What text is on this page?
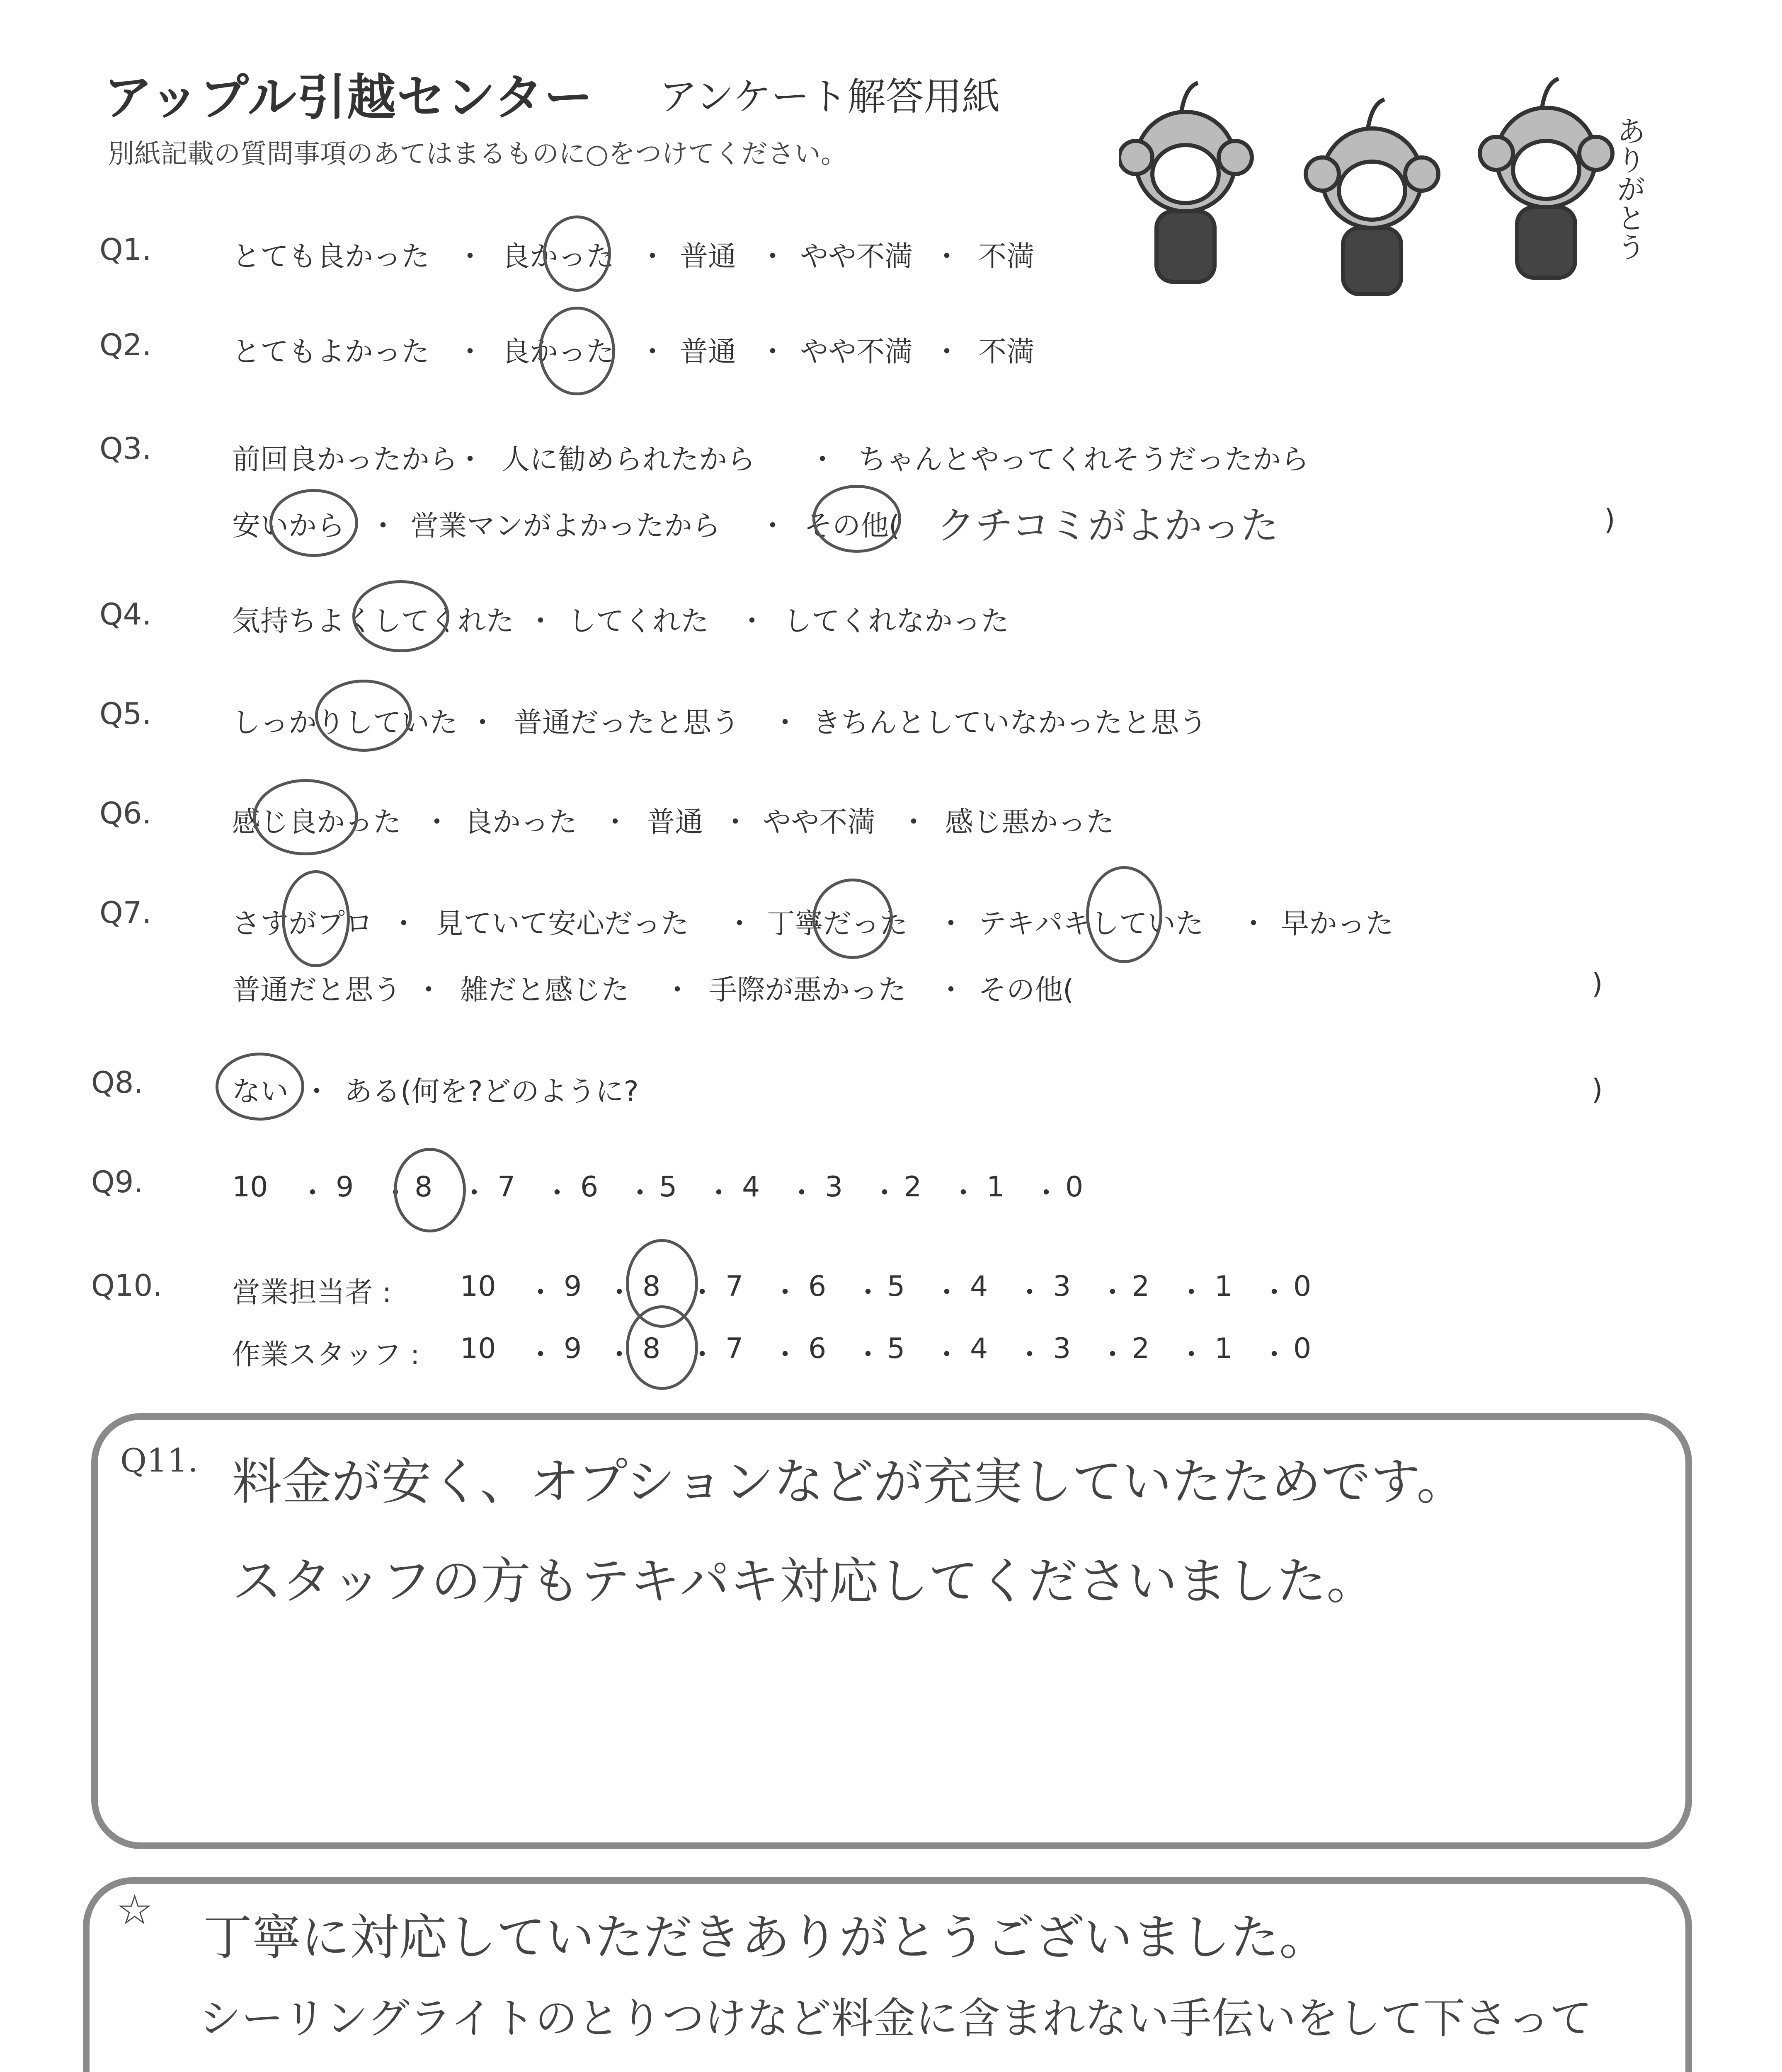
アップル引越センター アンケート解答用紙
別紙記載の質問事項のあてはまるものに○をつけてください。	ありがとう
Q1.	とても良かった ・ 良かった ・ 普通 ・ やや不満 ・ 不満
Q2.	とてもよかった ・ 良かった ・ 普通 ・ やや不満 ・ 不満
Q3.	前回良かったから
・ 人に勧められたから ・ ちゃんとやってくれそうだったから
安いから ・ 営業マンがよかったから ・ その他(	)
クチコミがよかった
Q4.	気持ちよくしてくれた ・ してくれた ・ してくれなかった
Q5.	しっかりしていた ・ 普通だったと思う ・ きちんとしていなかったと思う
Q6.	感じ良かった ・ 良かった ・ 普通 ・ やや不満 ・ 感じ悪かった
Q7.	さすがプロ ・ 見ていて安心だった ・ 丁寧だった ・ テキパキしていた ・ 早かった
普通だと思う ・ 雑だと感じた ・ 手際が悪かった ・ その他(	)
Q8.	ない ・ ある(何を?どのように?	)
Q9.	10 ・ 9 ・ 8 ・ 7 ・ 6 ・ 5 ・ 4 ・ 3 ・ 2 ・ 1 ・ 0
Q10. 営業担当者 : 10 ・ 9 ・ 8 ・ 7 ・ 6 ・ 5 ・ 4 ・ 3 ・ 2 ・ 1 ・ 0
作業スタッフ : 10 ・ 9 ・ 8 ・ 7 ・ 6 ・ 5 ・ 4 ・ 3 ・ 2 ・ 1 ・ 0
Q11. 料金が安く、オプションなどが充実していたためです。
スタッフの方もテキパキ対応してくださいました。
☆ 丁寧に対応していただきありがとうございました。
シーリングライトのとりつけなど料金に含まれない手伝いをして下さって
